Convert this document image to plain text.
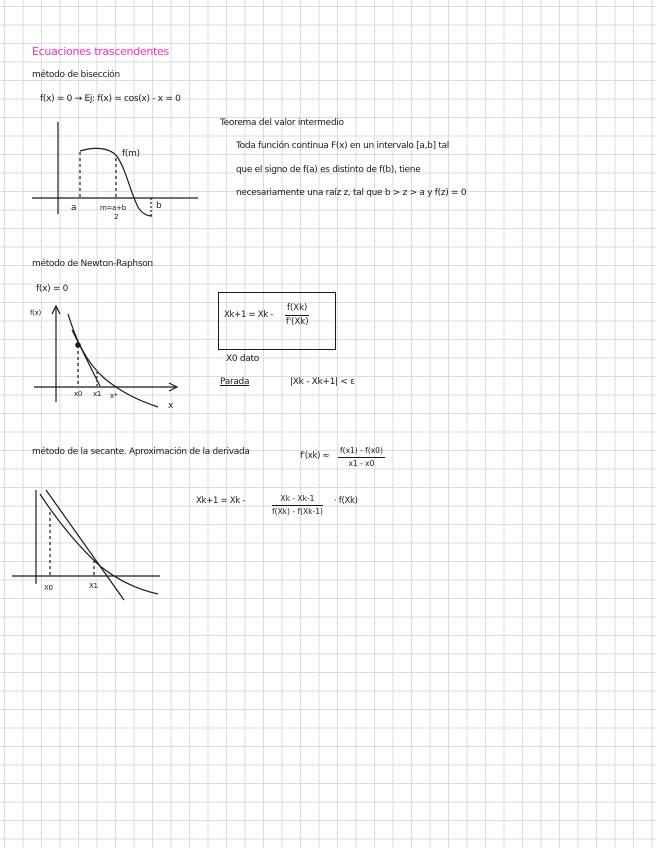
Ecuaciones trascendentes
método de bisección
f(x) = 0 → Ej: f(x) = cos(x) - x = 0
f(m)
a	m=a+b
2
b
Teorema del valor intermedio
Toda función continua F(x) en un intervalo [a,b] tal
que el signo de f(a) es distinto de f(b), tiene
necesariamente una raíz z, tal que b > z > a y f(z) = 0
método de Newton-Raphson
f(x) = 0
f(x)
x
x0 x1 x*
$Xk+1 = Xk - \frac{f(Xk)}{f'(Xk)}$
X0 dato
Parada	|Xk - Xk+1| < ε
método de la secante. Aproximación de la derivada	$f'(xk) \approx \frac{f(x1) - f(x0)}{x1 - x0}$
Xk+1 = Xk -	$\frac{Xk - Xk-1}{f(Xk) - f(Xk-1)} \cdot f(Xk)$
X0	X1
